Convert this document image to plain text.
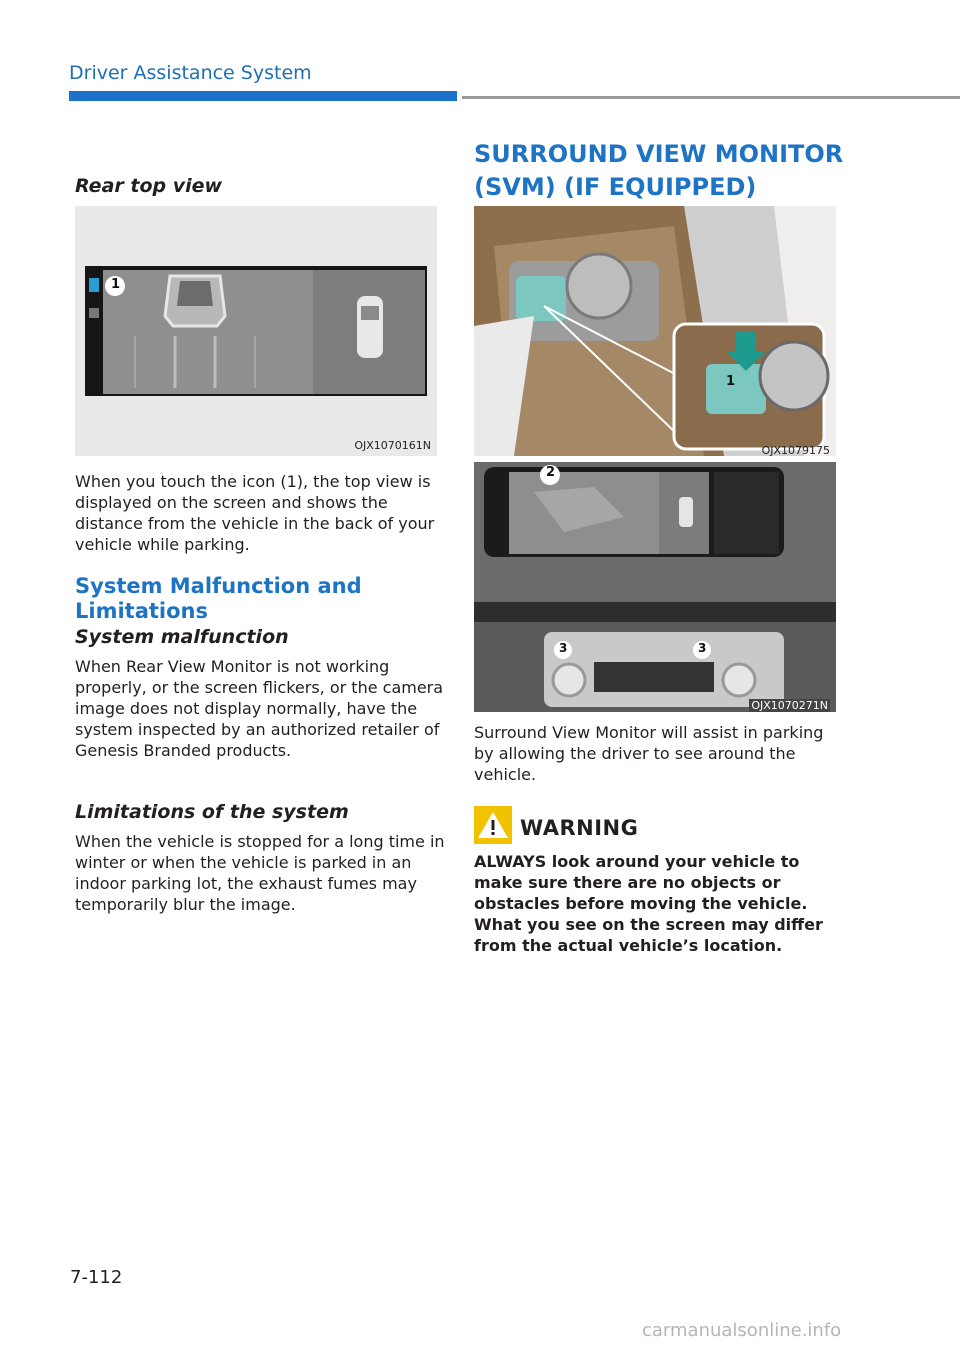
Driver Assistance System
Rear top view
1
OJX1070161N
When you touch the icon (1), the top view is displayed on the screen and shows the distance from the vehicle in the back of your vehicle while parking.
System Malfunction and
Limitations
System malfunction
When Rear View Monitor is not working properly, or the screen flickers, or the camera image does not display normally, have the system inspected by an authorized retailer of Genesis Branded products.
Limitations of the system
When the vehicle is stopped for a long time in winter or when the vehicle is parked in an indoor parking lot, the exhaust fumes may temporarily blur the image.
SURROUND VIEW MONITOR
(SVM) (IF EQUIPPED)
1
OJX1079175
2
3	3
OJX1070271N
Surround View Monitor will assist in parking by allowing the driver to see around the vehicle.
WARNING
ALWAYS look around your vehicle to make sure there are no objects or obstacles before moving the vehicle. What you see on the screen may differ from the actual vehicle’s location.
7-112
carmanualsonline.info
